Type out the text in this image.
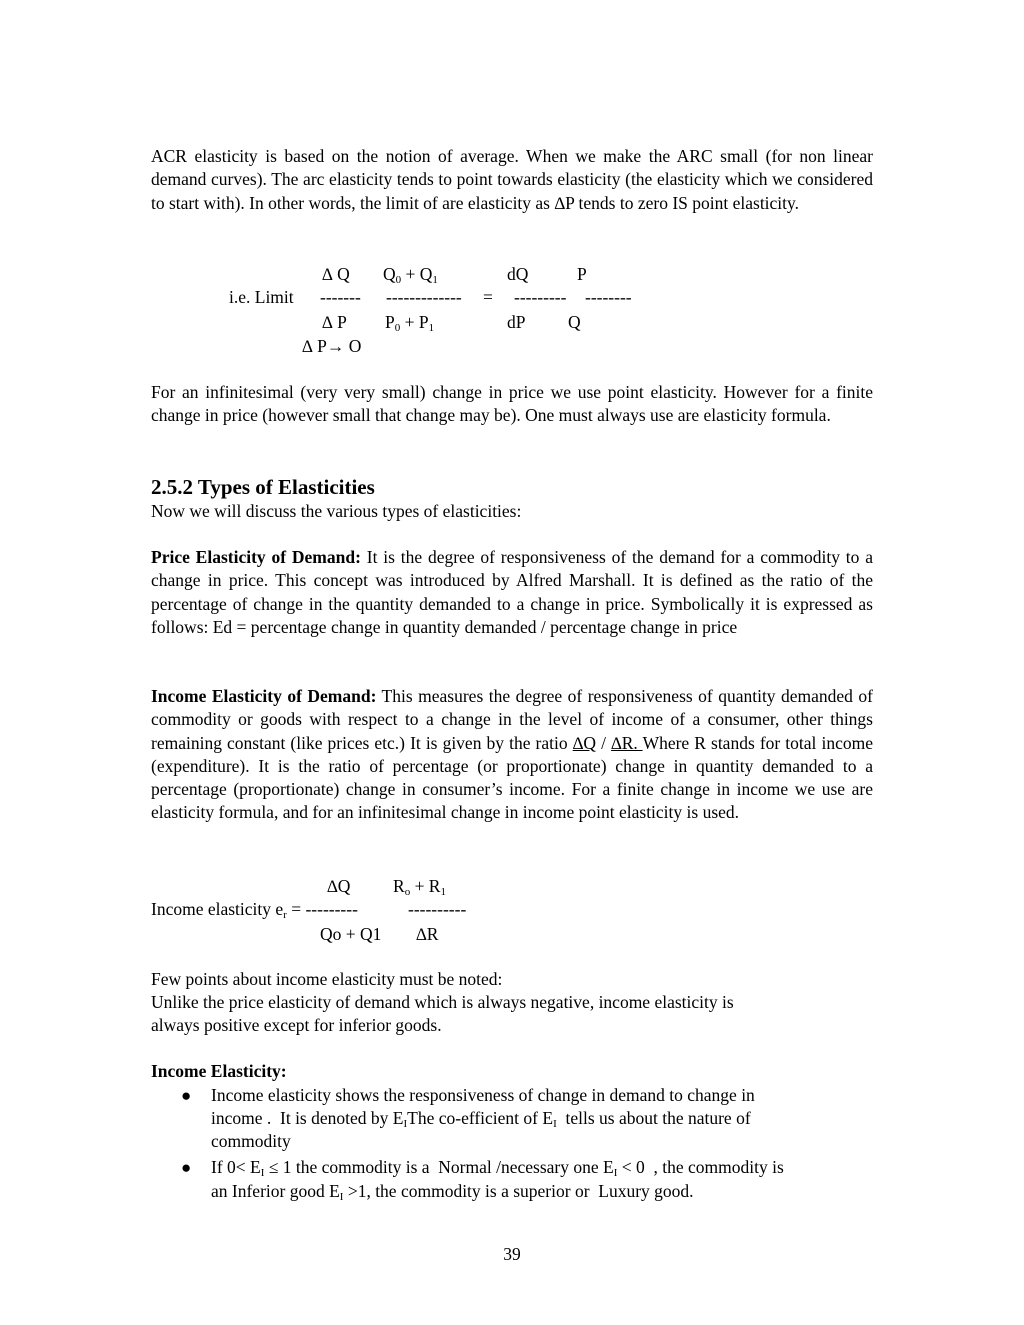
ACR elasticity is based on the notion of average. When we make the ARC small (for non linear demand curves). The arc elasticity tends to point towards elasticity (the elasticity which we considered to start with). In other words, the limit of are elasticity as ∆P tends to zero IS point elasticity.

∆ Q $Q_0 + Q_1$	dQ	P
i.e. Limit ------- ------------- = --------- --------
∆ P $P_0 + P_1$	dP Q
∆ P→ O

For an infinitesimal (very very small) change in price we use point elasticity. However for a finite change in price (however small that change may be). One must always use are elasticity formula.

2.5.2 Types of Elasticities
Now we will discuss the various types of elasticities:

Price Elasticity of Demand: It is the degree of responsiveness of the demand for a commodity to a change in price. This concept was introduced by Alfred Marshall. It is defined as the ratio of the percentage of change in the quantity demanded to a change in price. Symbolically it is expressed as follows: Ed = percentage change in quantity demanded / percentage change in price

Income Elasticity of Demand: This measures the degree of responsiveness of quantity demanded of commodity or goods with respect to a change in the level of income of a consumer, other things remaining constant (like prices etc.) It is given by the ratio ∆Q / ∆R. Where R stands for total income (expenditure). It is the ratio of percentage (or proportionate) change in quantity demanded to a percentage (proportionate) change in consumer’s income. For a finite change in income we use are elasticity formula, and for an infinitesimal change in income point elasticity is used.

∆Q $R_o + R_1$
Income elasticity $e_r$ = ---------	----------
Qo + Q1 ∆R
Few points about income elasticity must be noted:
Unlike the price elasticity of demand which is always negative, income elasticity is
always positive except for inferior goods.
Income Elasticity:
● Income elasticity shows the responsiveness of change in demand to change in
income .  It is denoted by $E_IThe$ co-efficient of $E_I$  tells us about the nature of
commodity
● If $0< E_I \le 1$ the commodity is a  Normal /necessary one $E_I < 0$  , the commodity is
an Inferior good $E_I >1$, the commodity is a superior or  Luxury good.
39
